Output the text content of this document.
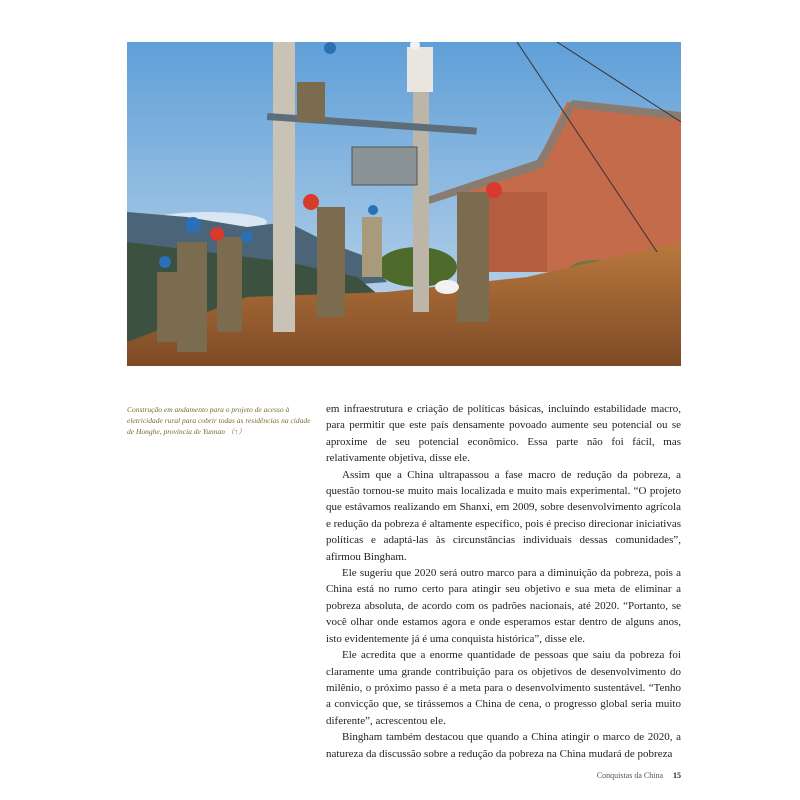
Construção em andamento para o projeto de acesso à eletricidade rural para cobrir todas as residências na cidade de Honghe, província de Yunnan （↑）

em infraestrutura e criação de políticas básicas, incluindo estabilidade macro, para permitir que este país densamente povoado aumente seu potencial ou se aproxime de seu potencial econômico. Essa parte não foi fácil, mas relativamente objetiva, disse ele.

Assim que a China ultrapassou a fase macro de redução da pobreza, a questão tornou-se muito mais localizada e muito mais experimental. “O projeto que estávamos realizando em Shanxi, em 2009, sobre desenvolvimento agrícola e redução da pobreza é altamente específico, pois é preciso direcionar iniciativas políticas e adaptá-las às circunstâncias individuais dessas comunidades”, afirmou Bingham.

Ele sugeriu que 2020 será outro marco para a diminuição da pobreza, pois a China está no rumo certo para atingir seu objetivo e sua meta de eliminar a pobreza absoluta, de acordo com os padrões nacionais, até 2020. “Portanto, se você olhar onde estamos agora e onde esperamos estar dentro de alguns anos, isto evidentemente já é uma conquista histórica”, disse ele.

Ele acredita que a enorme quantidade de pessoas que saiu da pobreza foi claramente uma grande contribuição para os objetivos de desenvolvimento do milênio, o próximo passo é a meta para o desenvolvimento sustentável. “Tenho a convicção que, se tirássemos a China de cena, o progresso global seria muito diferente”, acrescentou ele.

Bingham também destacou que quando a China atingir o marco de 2020, a natureza da discussão sobre a redução da pobreza na China mudará de pobreza

Conquistas da China 15
